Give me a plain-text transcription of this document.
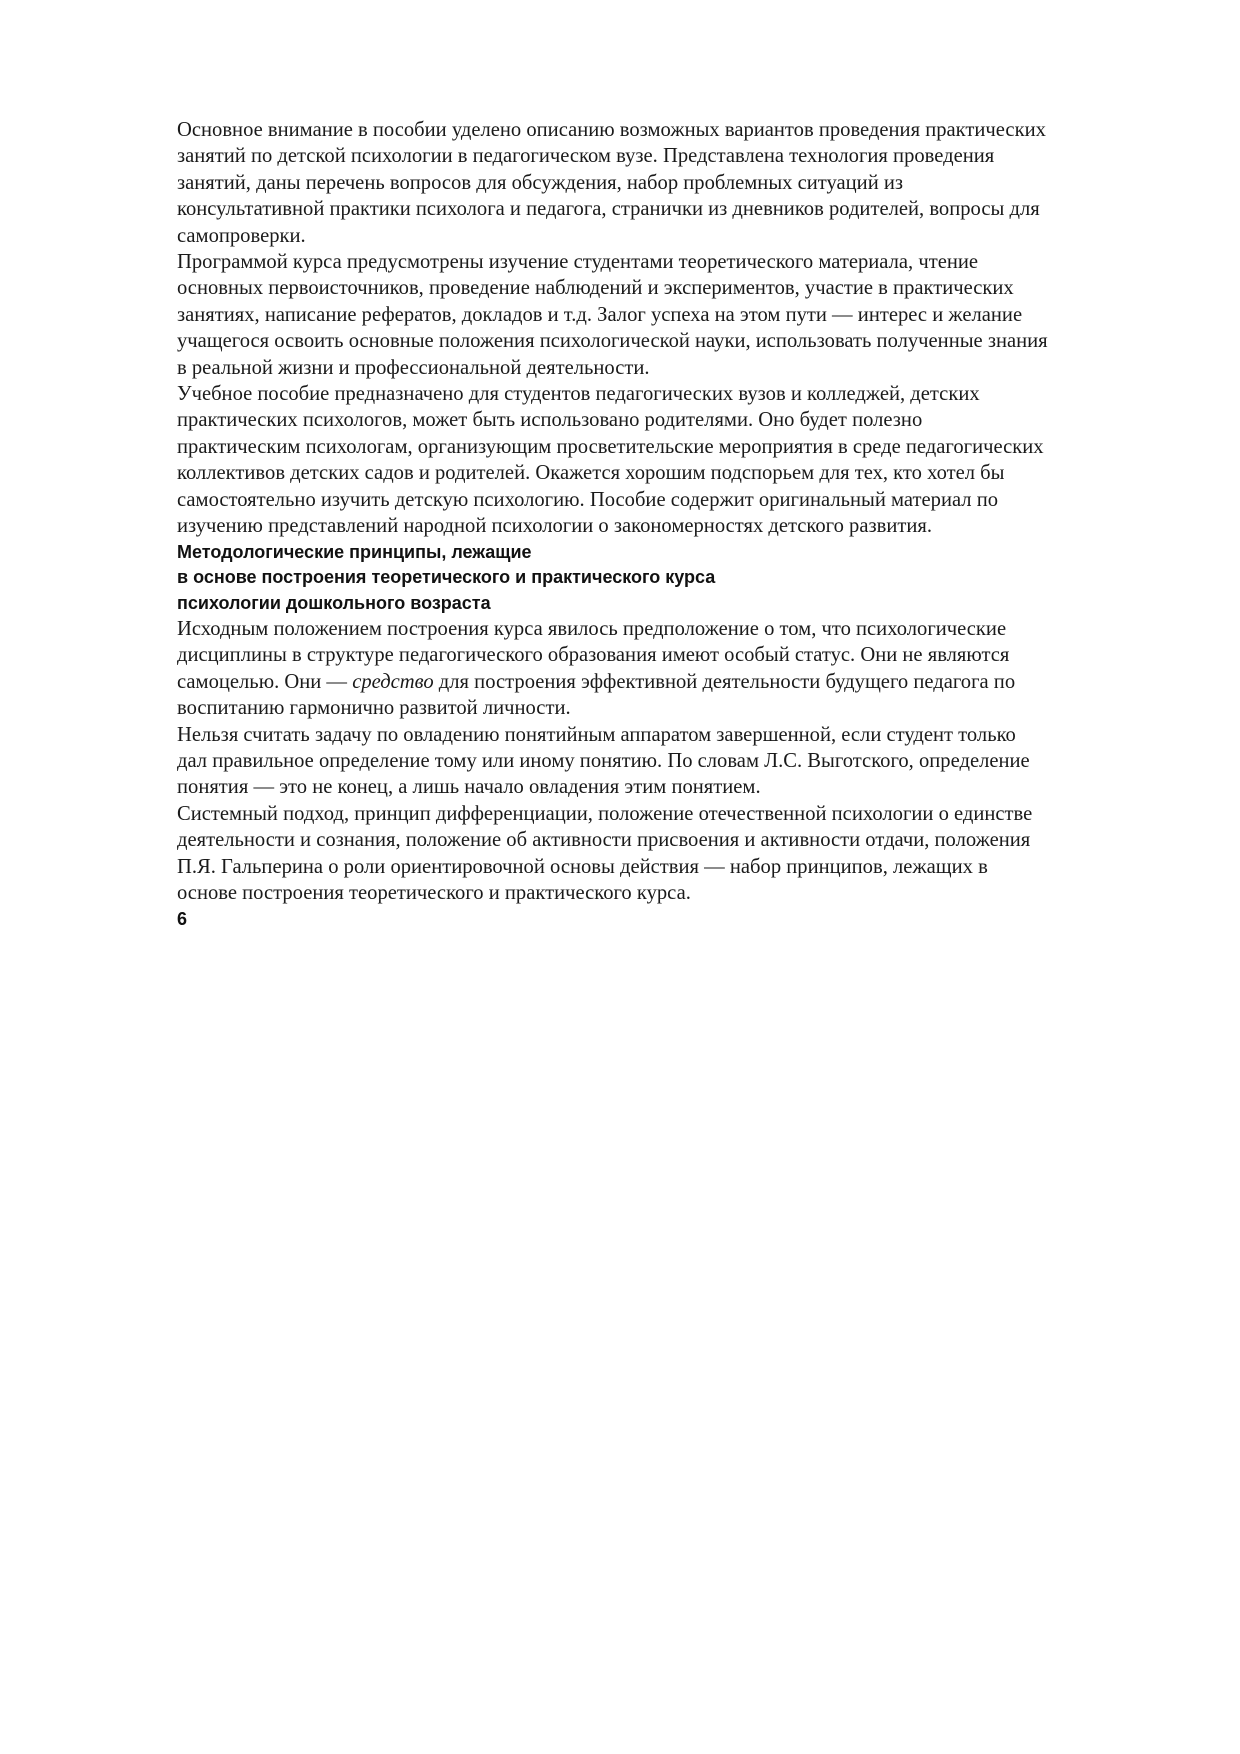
Основное внимание в пособии уделено описанию возможных вариантов проведения практических
занятий по детской психологии в педагогическом вузе. Представлена технология проведения
занятий, даны перечень вопросов для обсуждения, набор проблемных ситуаций из
консультативной практики психолога и педагога, странички из дневников родителей, вопросы для
самопроверки.

Программой курса предусмотрены изучение студентами теоретического материала, чтение
основных первоисточников, проведение наблюдений и экспериментов, участие в практических
занятиях, написание рефератов, докладов и т.д. Залог успеха на этом пути — интерес и желание
учащегося освоить основные положения психологической науки, использовать полученные знания
в реальной жизни и профессиональной деятельности.

Учебное пособие предназначено для студентов педагогических вузов и колледжей, детских
практических психологов, может быть использовано родителями. Оно будет полезно
практическим психологам, организующим просветительские мероприятия в среде педагогических
коллективов детских садов и родителей. Окажется хорошим подспорьем для тех, кто хотел бы
самостоятельно изучить детскую психологию. Пособие содержит оригинальный материал по
изучению представлений народной психологии о закономерностях детского развития.

Методологические принципы, лежащие
в основе построения теоретического и практического курса
психологии дошкольного возраста

Исходным положением построения курса явилось предположение о том, что психологические
дисциплины в структуре педагогического образования имеют особый статус. Они не являются
самоцелью. Они — средство для построения эффективной деятельности будущего педагога по
воспитанию гармонично развитой личности.

Нельзя считать задачу по овладению понятийным аппаратом завершенной, если студент только
дал правильное определение тому или иному понятию. По словам Л.С. Выготского, определение
понятия — это не конец, а лишь начало овладения этим понятием.

Системный подход, принцип дифференциации, положение отечественной психологии о единстве
деятельности и сознания, положение об активности присвоения и активности отдачи, положения
П.Я. Гальперина о роли ориентировочной основы действия — набор принципов, лежащих в
основе построения теоретического и практического курса.

6
